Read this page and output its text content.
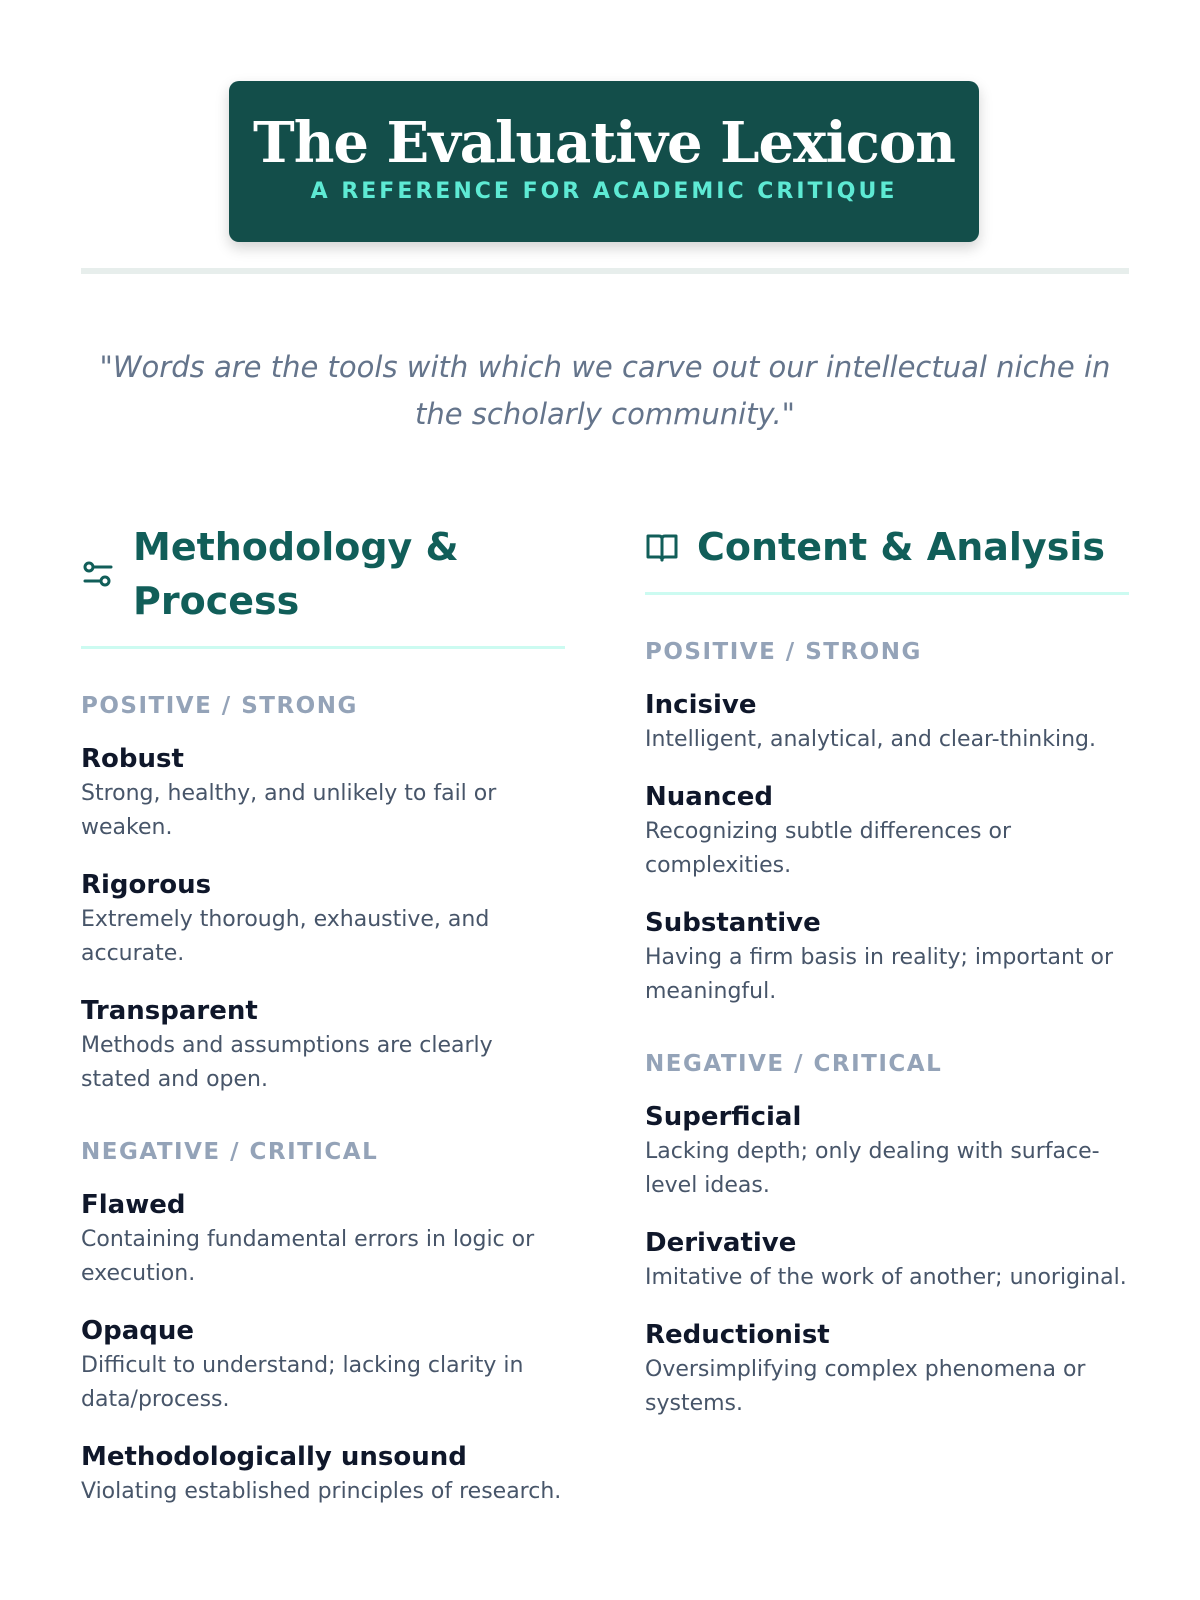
The Evaluative Lexicon
A REFERENCE FOR ACADEMIC CRITIQUE
"Words are the tools with which we carve out our intellectual niche in the scholarly community."
Methodology & Process
POSITIVE / STRONG
Robust
Strong, healthy, and unlikely to fail or weaken.
Rigorous
Extremely thorough, exhaustive, and accurate.
Transparent
Methods and assumptions are clearly stated and open.
NEGATIVE / CRITICAL
Flawed
Containing fundamental errors in logic or execution.
Opaque
Difficult to understand; lacking clarity in data/process.
Methodologically unsound
Violating established principles of research.
Content & Analysis
POSITIVE / STRONG
Incisive
Intelligent, analytical, and clear-thinking.
Nuanced
Recognizing subtle differences or complexities.
Substantive
Having a firm basis in reality; important or meaningful.
NEGATIVE / CRITICAL
Superficial
Lacking depth; only dealing with surface-level ideas.
Derivative
Imitative of the work of another; unoriginal.
Reductionist
Oversimplifying complex phenomena or systems.
